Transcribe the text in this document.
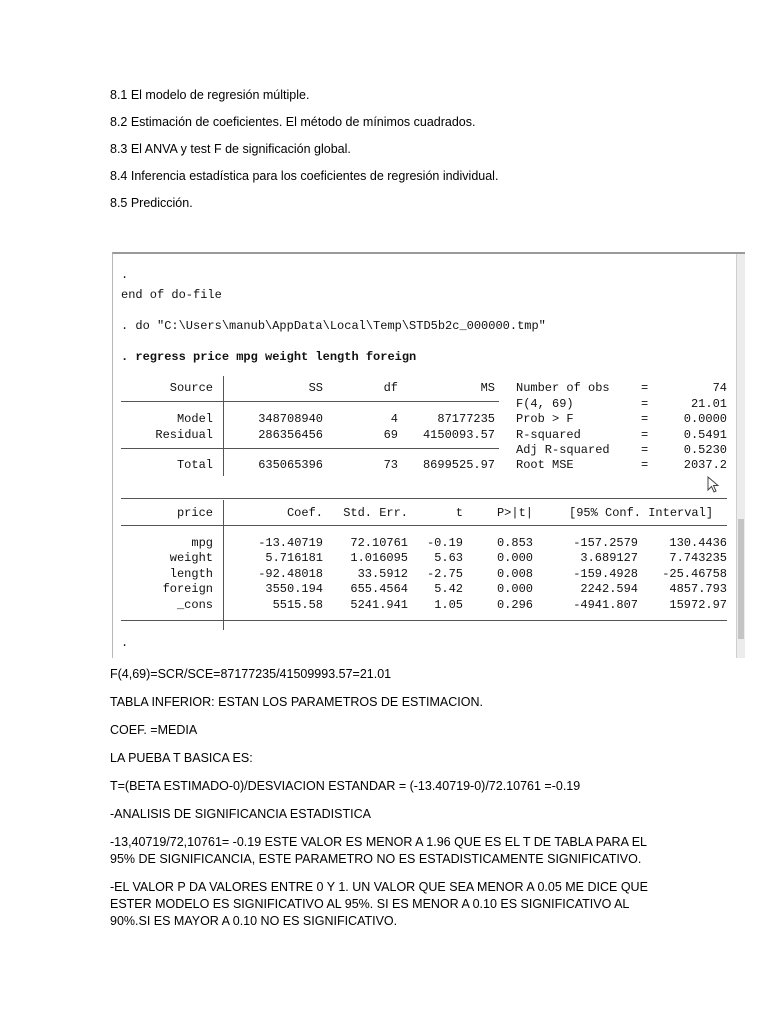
8.1 El modelo de regresión múltiple.

8.2 Estimación de coeficientes. El método de mínimos cuadrados.

8.3 El ANVA y test F de significación global.

8.4 Inferencia estadística para los coeficientes de regresión individual.

8.5 Predicción.

.
end of do-file
. do "C:\Users\manub\AppData\Local\Temp\STD5b2c_000000.tmp"
. regress price mpg weight length foreign
Source	SS	df	MS
Model	348708940	4	87177235
Residual	286356456	69	4150093.57
Total	635065396	73	8699525.97
Number of obs	=	74
F(4, 69)	=	21.01
Prob > F	=	0.0000
R-squared	=	0.5491
Adj R-squared	=	0.5230
Root MSE	=	2037.2
price	Coef.	Std. Err.	t	P>|t|	[95% Conf. Interval]
mpg	-13.40719	72.10761	-0.19	0.853	-157.2579	130.4436
weight	5.716181	1.016095	5.63	0.000	3.689127	7.743235
length	-92.48018	33.5912	-2.75	0.008	-159.4928	-25.46758
foreign	3550.194	655.4564	5.42	0.000	2242.594	4857.793
_cons	5515.58	5241.941	1.05	0.296	-4941.807	15972.97
.

F(4,69)=SCR/SCE=87177235/41509993.57=21.01

TABLA INFERIOR: ESTAN LOS PARAMETROS DE ESTIMACION.

COEF. =MEDIA

LA PUEBA T BASICA ES:

T=(BETA ESTIMADO-0)/DESVIACION ESTANDAR = (-13.40719-0)/72.10761 =-0.19

-ANALISIS DE SIGNIFICANCIA ESTADISTICA

-13,40719/72,10761= -0.19 ESTE VALOR ES MENOR A 1.96 QUE ES EL T DE TABLA PARA EL 95% DE SIGNIFICANCIA, ESTE PARAMETRO NO ES ESTADISTICAMENTE SIGNIFICATIVO.

-EL VALOR P DA VALORES ENTRE 0 Y 1. UN VALOR QUE SEA MENOR A 0.05 ME DICE QUE ESTER MODELO ES SIGNIFICATIVO AL 95%. SI ES MENOR A 0.10 ES SIGNIFICATIVO AL 90%.SI ES MAYOR A 0.10 NO ES SIGNIFICATIVO.
